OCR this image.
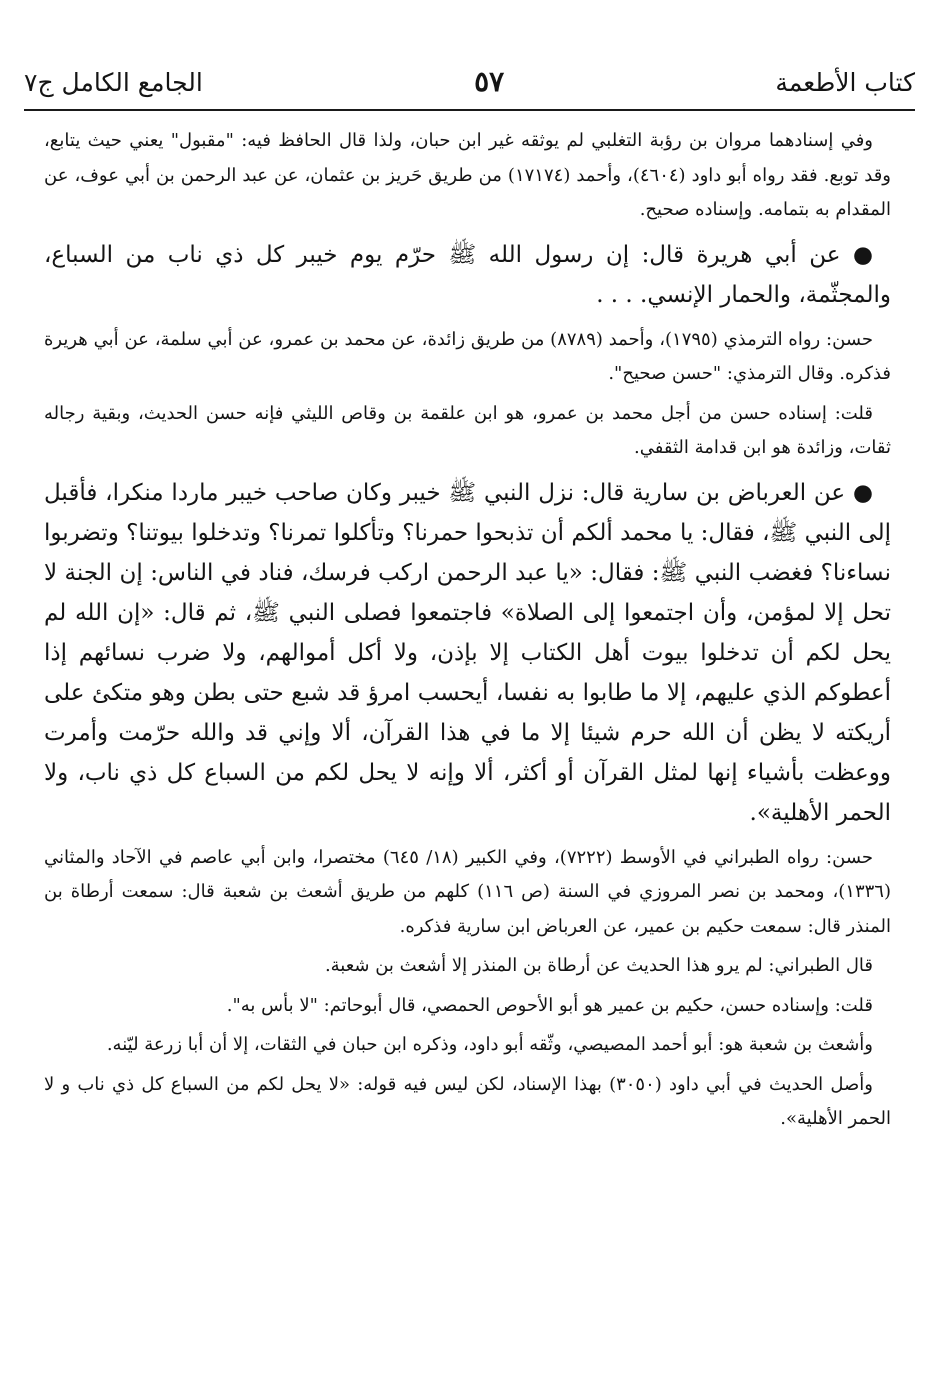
كتاب الأطعمة
٥٧
الجامع الكامل ج٧

وفي إسنادهما مروان بن رؤبة التغلبي لم يوثقه غير ابن حبان، ولذا قال الحافظ فيه: "مقبول" يعني حيث يتابع، وقد توبع. فقد رواه أبو داود (٤٦٠٤)، وأحمد (١٧١٧٤) من طريق حَريز بن عثمان، عن عبد الرحمن بن أبي عوف، عن المقدام به بتمامه. وإسناده صحيح.

● عن أبي هريرة قال: إن رسول الله ﷺ حرّم يوم خيبر كل ذي ناب من السباع، والمجثّمة، والحمار الإنسي. . . .

حسن: رواه الترمذي (١٧٩٥)، وأحمد (٨٧٨٩) من طريق زائدة، عن محمد بن عمرو، عن أبي سلمة، عن أبي هريرة فذكره. وقال الترمذي: "حسن صحيح".

قلت: إسناده حسن من أجل محمد بن عمرو، هو ابن علقمة بن وقاص الليثي فإنه حسن الحديث، وبقية رجاله ثقات، وزائدة هو ابن قدامة الثقفي.

● عن العرباض بن سارية قال: نزل النبي ﷺ خيبر وكان صاحب خيبر ماردا منكرا، فأقبل إلى النبي ﷺ، فقال: يا محمد ألكم أن تذبحوا حمرنا؟ وتأكلوا تمرنا؟ وتدخلوا بيوتنا؟ وتضربوا نساءنا؟ فغضب النبي ﷺ: فقال: «يا عبد الرحمن اركب فرسك، فناد في الناس: إن الجنة لا تحل إلا لمؤمن، وأن اجتمعوا إلى الصلاة» فاجتمعوا فصلى النبي ﷺ، ثم قال: «إن الله لم يحل لكم أن تدخلوا بيوت أهل الكتاب إلا بإذن، ولا أكل أموالهم، ولا ضرب نسائهم إذا أعطوكم الذي عليهم، إلا ما طابوا به نفسا، أيحسب امرؤ قد شبع حتى بطن وهو متكئ على أريكته لا يظن أن الله حرم شيئا إلا ما في هذا القرآن، ألا وإني قد والله حرّمت وأمرت ووعظت بأشياء إنها لمثل القرآن أو أكثر، ألا وإنه لا يحل لكم من السباع كل ذي ناب، ولا الحمر الأهلية».

حسن: رواه الطبراني في الأوسط (٧٢٢٢)، وفي الكبير (١٨/ ٦٤٥) مختصرا، وابن أبي عاصم في الآحاد والمثاني (١٣٣٦)، ومحمد بن نصر المروزي في السنة (ص ١١٦) كلهم من طريق أشعث بن شعبة قال: سمعت أرطاة بن المنذر قال: سمعت حكيم بن عمير، عن العرباض ابن سارية فذكره.

قال الطبراني: لم يرو هذا الحديث عن أرطاة بن المنذر إلا أشعث بن شعبة.

قلت: وإسناده حسن، حكيم بن عمير هو أبو الأحوص الحمصي، قال أبوحاتم: "لا بأس به".

وأشعث بن شعبة هو: أبو أحمد المصيصي، وثّقه أبو داود، وذكره ابن حبان في الثقات، إلا أن أبا زرعة ليّنه.

وأصل الحديث في أبي داود (٣٠٥٠) بهذا الإسناد، لكن ليس فيه قوله: «لا يحل لكم من السباع كل ذي ناب و لا الحمر الأهلية».
